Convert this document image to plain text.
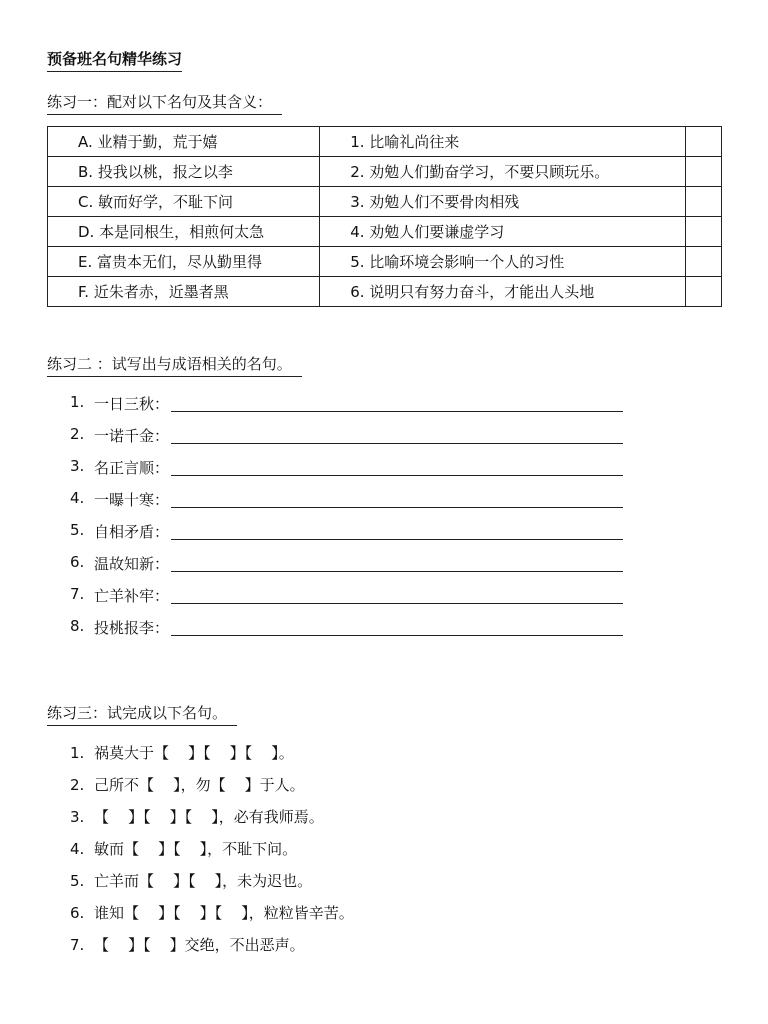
预备班名句精华练习
练习一：配对以下名句及其含义：
A. 业精于勤，荒于嬉	1. 比喻礼尚往来	
B. 投我以桃，报之以李	2. 劝勉人们勤奋学习，不要只顾玩乐。	
C. 敏而好学，不耻下问	3. 劝勉人们不要骨肉相残	
D. 本是同根生，相煎何太急	4. 劝勉人们要谦虚学习	
E. 富贵本无们，尽从勤里得	5. 比喻环境会影响一个人的习性	
F. 近朱者赤，近墨者黑	6. 说明只有努力奋斗，才能出人头地	
练习二 ：试写出与成语相关的名句。
1. 一日三秋：
2. 一诺千金：
3. 名正言顺：
4. 一曝十寒：
5. 自相矛盾：
6. 温故知新：
7. 亡羊补牢：
8. 投桃报李：
练习三：试完成以下名句。
1. 祸莫大于【    】【    】【    】。
2. 己所不【    】，勿【    】于人。
3. 【    】【    】【    】，必有我师焉。
4. 敏而【    】【    】，不耻下问。
5. 亡羊而【    】【    】，未为迟也。
6. 谁知【    】【    】【    】，粒粒皆辛苦。
7. 【    】【    】交绝，不出恶声。
